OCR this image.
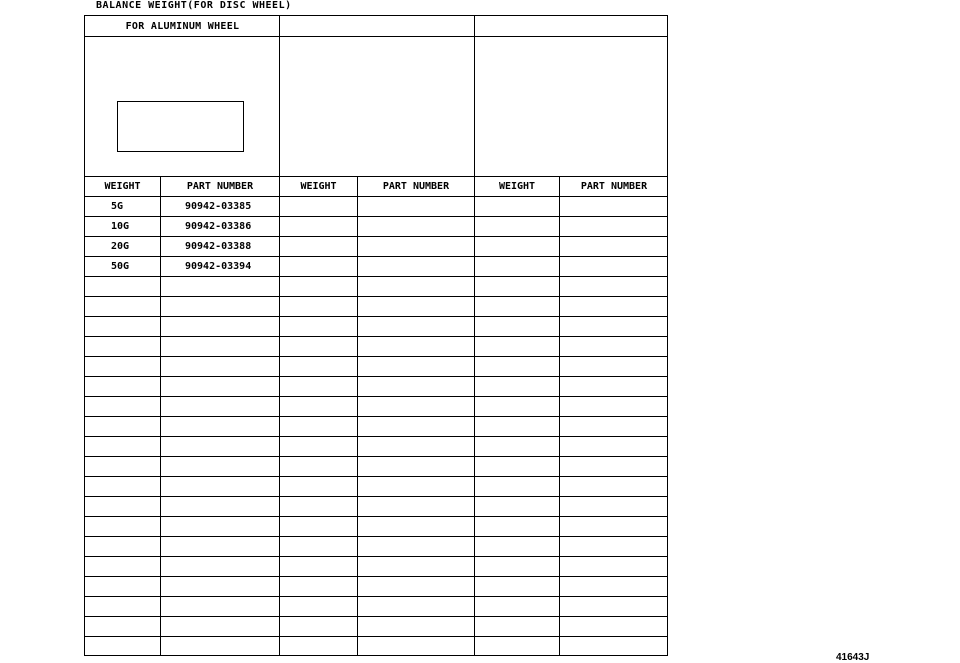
BALANCE WEIGHT(FOR DISC WHEEL)
FOR ALUMINUM WHEEL
WEIGHT	PART NUMBER	WEIGHT	PART NUMBER	WEIGHT	PART NUMBER
5G	90942-03385
10G	90942-03386
20G	90942-03388
50G	90942-03394
41643J
